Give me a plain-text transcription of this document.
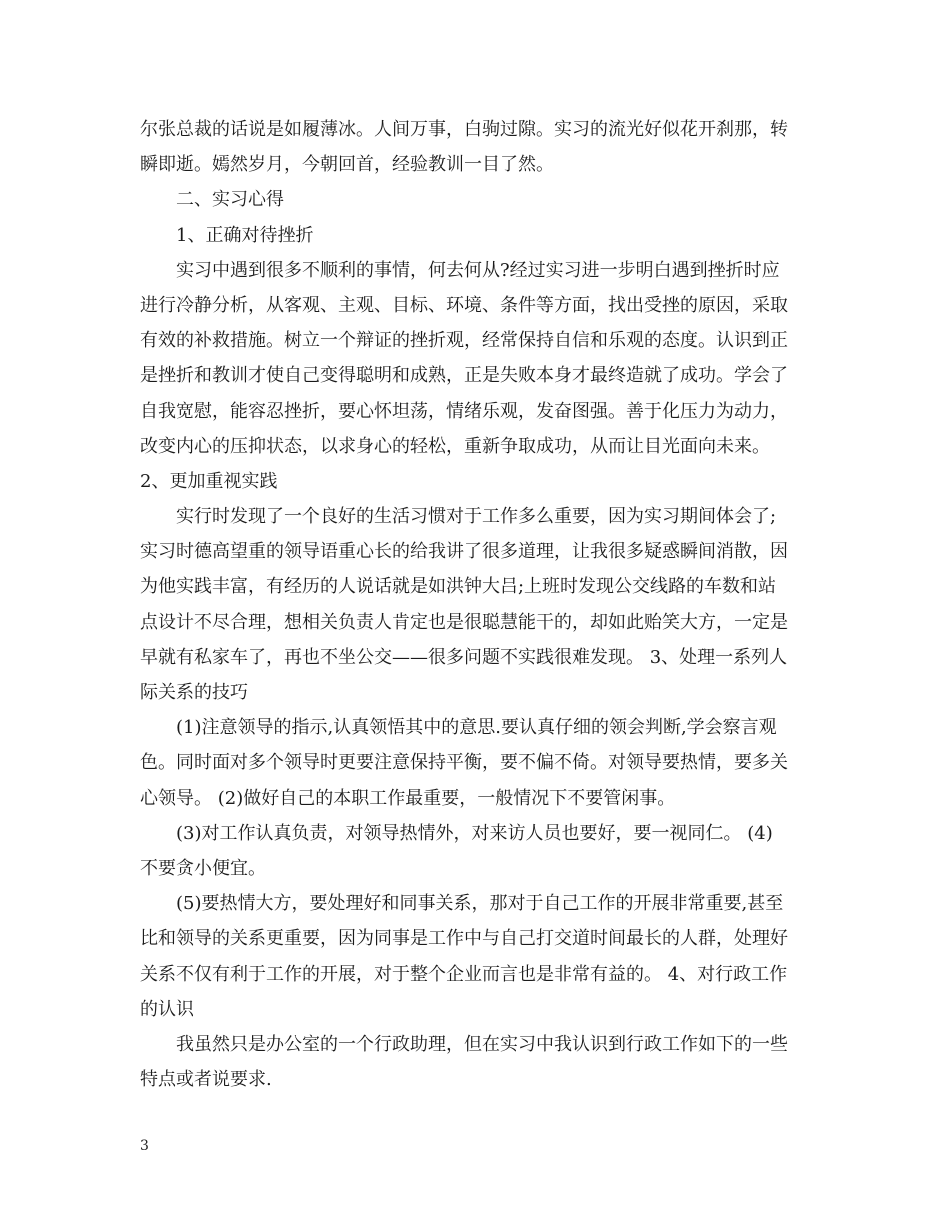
尔张总裁的话说是如履薄冰。人间万事，白驹过隙。实习的流光好似花开刹那，转
瞬即逝。嫣然岁月，今朝回首，经验教训一目了然。
二、实习心得
1、正确对待挫折
实习中遇到很多不顺利的事情，何去何从?经过实习进一步明白遇到挫折时应
进行冷静分析，从客观、主观、目标、环境、条件等方面，找出受挫的原因，采取
有效的补救措施。树立一个辩证的挫折观，经常保持自信和乐观的态度。认识到正
是挫折和教训才使自己变得聪明和成熟，正是失败本身才最终造就了成功。学会了
自我宽慰，能容忍挫折，要心怀坦荡，情绪乐观，发奋图强。善于化压力为动力，
改变内心的压抑状态，以求身心的轻松，重新争取成功，从而让目光面向未来。
2、更加重视实践
实行时发现了一个良好的生活习惯对于工作多么重要，因为实习期间体会了;
实习时德高望重的领导语重心长的给我讲了很多道理，让我很多疑惑瞬间消散，因
为他实践丰富，有经历的人说话就是如洪钟大吕;上班时发现公交线路的车数和站
点设计不尽合理，想相关负责人肯定也是很聪慧能干的，却如此贻笑大方，一定是
早就有私家车了，再也不坐公交——很多问题不实践很难发现。 3、处理一系列人
际关系的技巧
(1)注意领导的指示,认真领悟其中的意思.要认真仔细的领会判断,学会察言观
色。同时面对多个领导时更要注意保持平衡，要不偏不倚。对领导要热情，要多关
心领导。 (2)做好自己的本职工作最重要，一般情况下不要管闲事。
(3)对工作认真负责，对领导热情外，对来访人员也要好，要一视同仁。 (4)
不要贪小便宜。
(5)要热情大方，要处理好和同事关系，那对于自己工作的开展非常重要,甚至
比和领导的关系更重要，因为同事是工作中与自己打交道时间最长的人群，处理好
关系不仅有利于工作的开展，对于整个企业而言也是非常有益的。 4、对行政工作
的认识
我虽然只是办公室的一个行政助理，但在实习中我认识到行政工作如下的一些
特点或者说要求.
3
